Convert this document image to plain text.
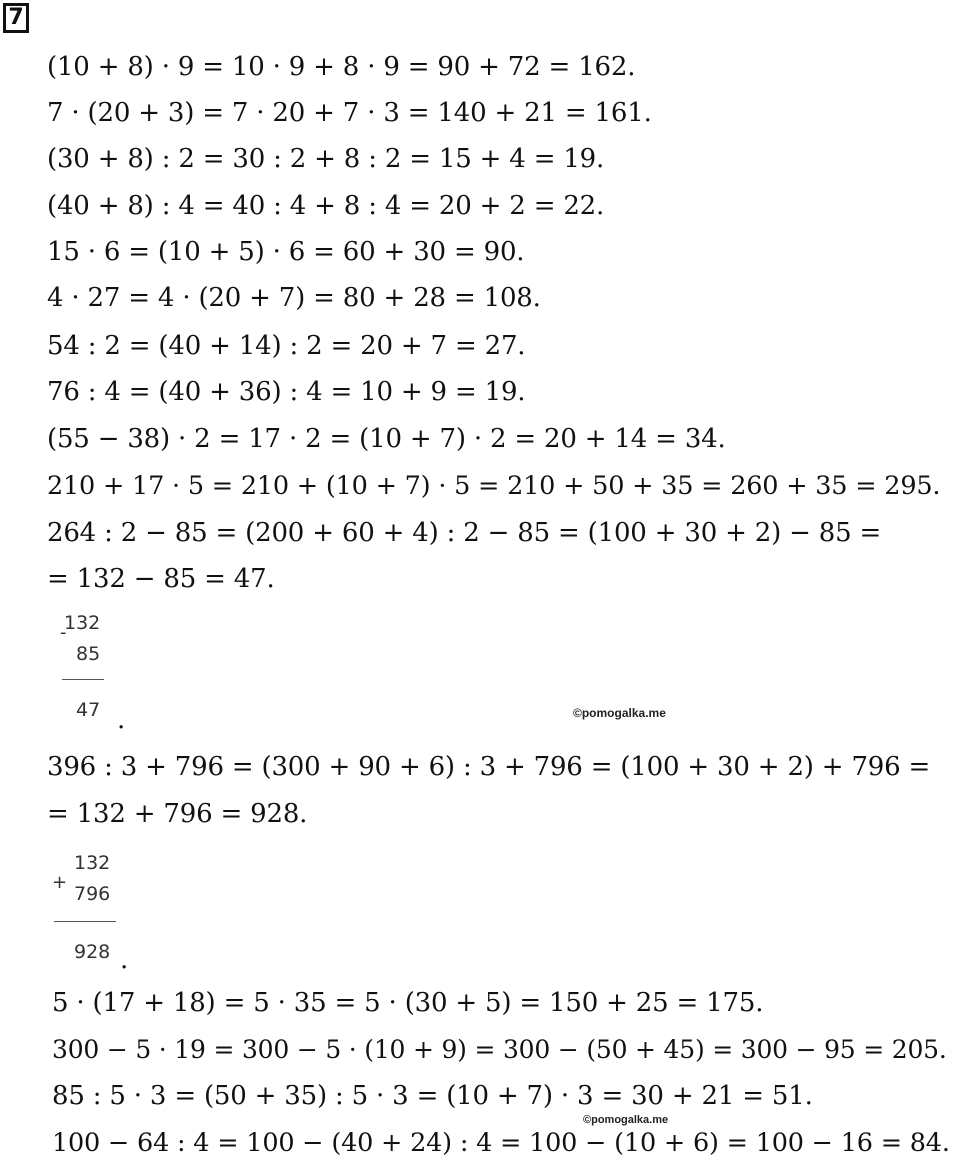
7
(10 + 8) · 9 = 10 · 9 + 8 · 9 = 90 + 72 = 162.
7 · (20 + 3) = 7 · 20 + 7 · 3 = 140 + 21 = 161.
(30 + 8) : 2 = 30 : 2 + 8 : 2 = 15 + 4 = 19.
(40 + 8) : 4 = 40 : 4 + 8 : 4 = 20 + 2 = 22.
15 · 6 = (10 + 5) · 6 = 60 + 30 = 90.
4 · 27 = 4 · (20 + 7) = 80 + 28 = 108.
54 : 2 = (40 + 14) : 2 = 20 + 7 = 27.
76 : 4 = (40 + 36) : 4 = 10 + 9 = 19.
(55 − 38) · 2 = 17 · 2 = (10 + 7) · 2 = 20 + 14 = 34.
210 + 17 · 5 = 210 + (10 + 7) · 5 = 210 + 50 + 35 = 260 + 35 = 295.
264 : 2 − 85 = (200 + 60 + 4) : 2 − 85 = (100 + 30 + 2) − 85 =
= 132 − 85 = 47.
-
132
85
47 .	©pomogalka.me
396 : 3 + 796 = (300 + 90 + 6) : 3 + 796 = (100 + 30 + 2) + 796 =
= 132 + 796 = 928.
+
132
796
928 .
5 · (17 + 18) = 5 · 35 = 5 · (30 + 5) = 150 + 25 = 175.
300 − 5 · 19 = 300 − 5 · (10 + 9) = 300 − (50 + 45) = 300 − 95 = 205.
85 : 5 · 3 = (50 + 35) : 5 · 3 = (10 + 7) · 3 = 30 + 21 = 51.
©pomogalka.me
100 − 64 : 4 = 100 − (40 + 24) : 4 = 100 − (10 + 6) = 100 − 16 = 84.
